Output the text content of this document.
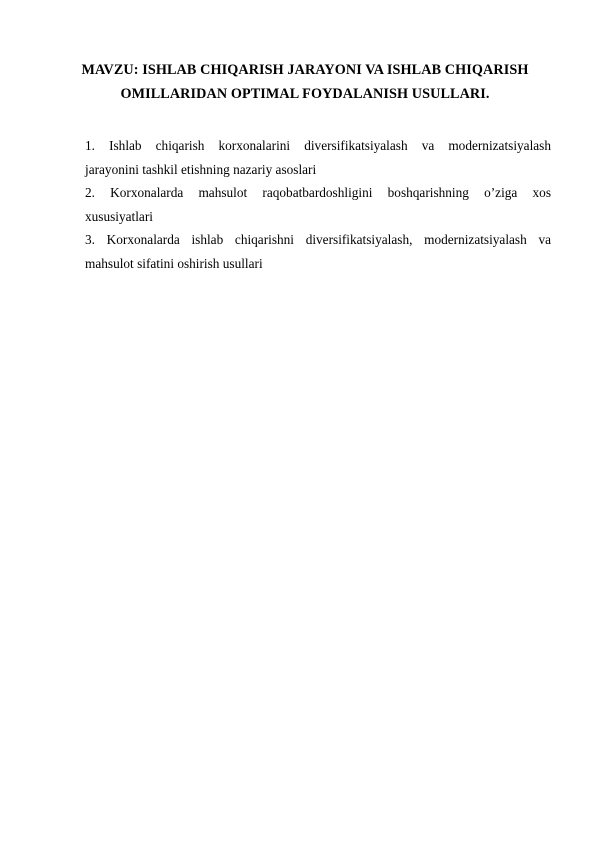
MAVZU: ISHLAB CHIQARISH JARAYONI VA ISHLAB CHIQARISH
OMILLARIDAN OPTIMAL FOYDALANISH USULLARI.
1. Ishlab chiqarish korxonalarini diversifikatsiyalash va modernizatsiyalash
jarayonini tashkil etishning nazariy asoslari
2. Korxonalarda mahsulot raqobatbardoshligini boshqarishning o’ziga xos
xususiyatlari
3. Korxonalarda ishlab chiqarishni diversifikatsiyalash, modernizatsiyalash va
mahsulot sifatini oshirish usullari
